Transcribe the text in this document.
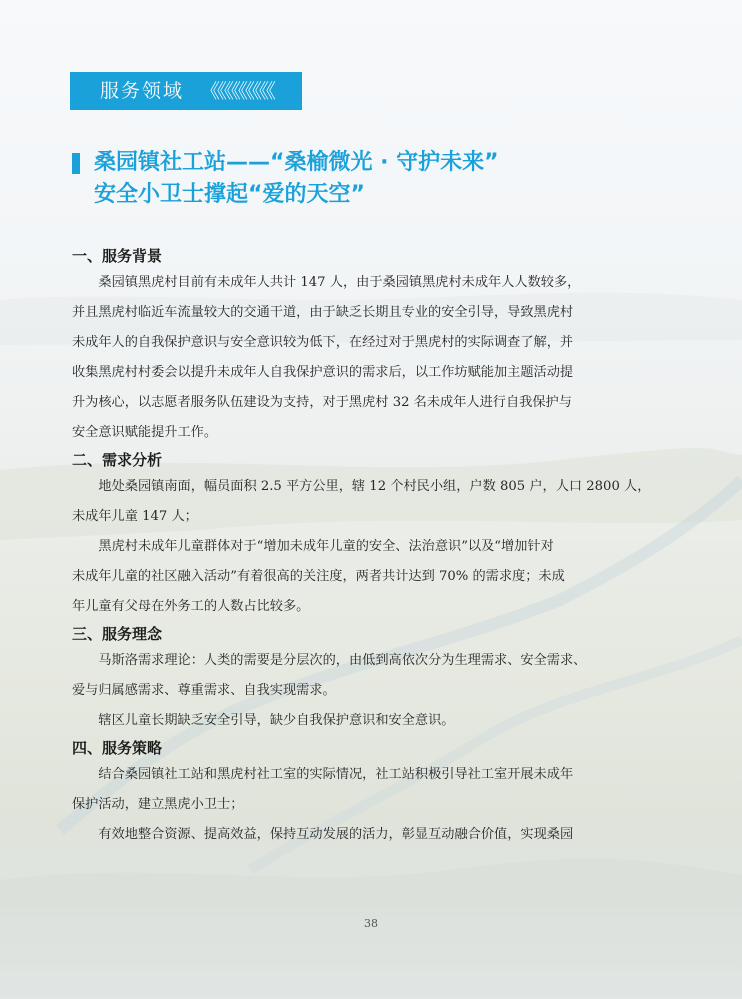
服务领域 《《《《《《《《《
桑园镇社工站——“桑榆微光 · 守护未来”
安全小卫士撑起“爱的天空”
一、服务背景

桑园镇黑虎村目前有未成年人共计 147 人，由于桑园镇黑虎村未成年人人数较多，
并且黑虎村临近车流量较大的交通干道，由于缺乏长期且专业的安全引导，导致黑虎村
未成年人的自我保护意识与安全意识较为低下，在经过对于黑虎村的实际调查了解，并
收集黑虎村村委会以提升未成年人自我保护意识的需求后，以工作坊赋能加主题活动提
升为核心，以志愿者服务队伍建设为支持，对于黑虎村 32 名未成年人进行自我保护与
安全意识赋能提升工作。

二、需求分析

地处桑园镇南面，幅员面积 2.5 平方公里，辖 12 个村民小组，户数 805 户，人口 2800 人，
未成年儿童 147 人；

黑虎村未成年儿童群体对于“增加未成年儿童的安全、法治意识”以及“增加针对
未成年儿童的社区融入活动”有着很高的关注度，两者共计达到 70% 的需求度；未成
年儿童有父母在外务工的人数占比较多。

三、服务理念

马斯洛需求理论：人类的需要是分层次的，由低到高依次分为生理需求、安全需求、
爱与归属感需求、尊重需求、自我实现需求。

辖区儿童长期缺乏安全引导，缺少自我保护意识和安全意识。

四、服务策略

结合桑园镇社工站和黑虎村社工室的实际情况，社工站积极引导社工室开展未成年
保护活动，建立黑虎小卫士；

有效地整合资源、提高效益，保持互动发展的活力，彰显互动融合价值，实现桑园

38
